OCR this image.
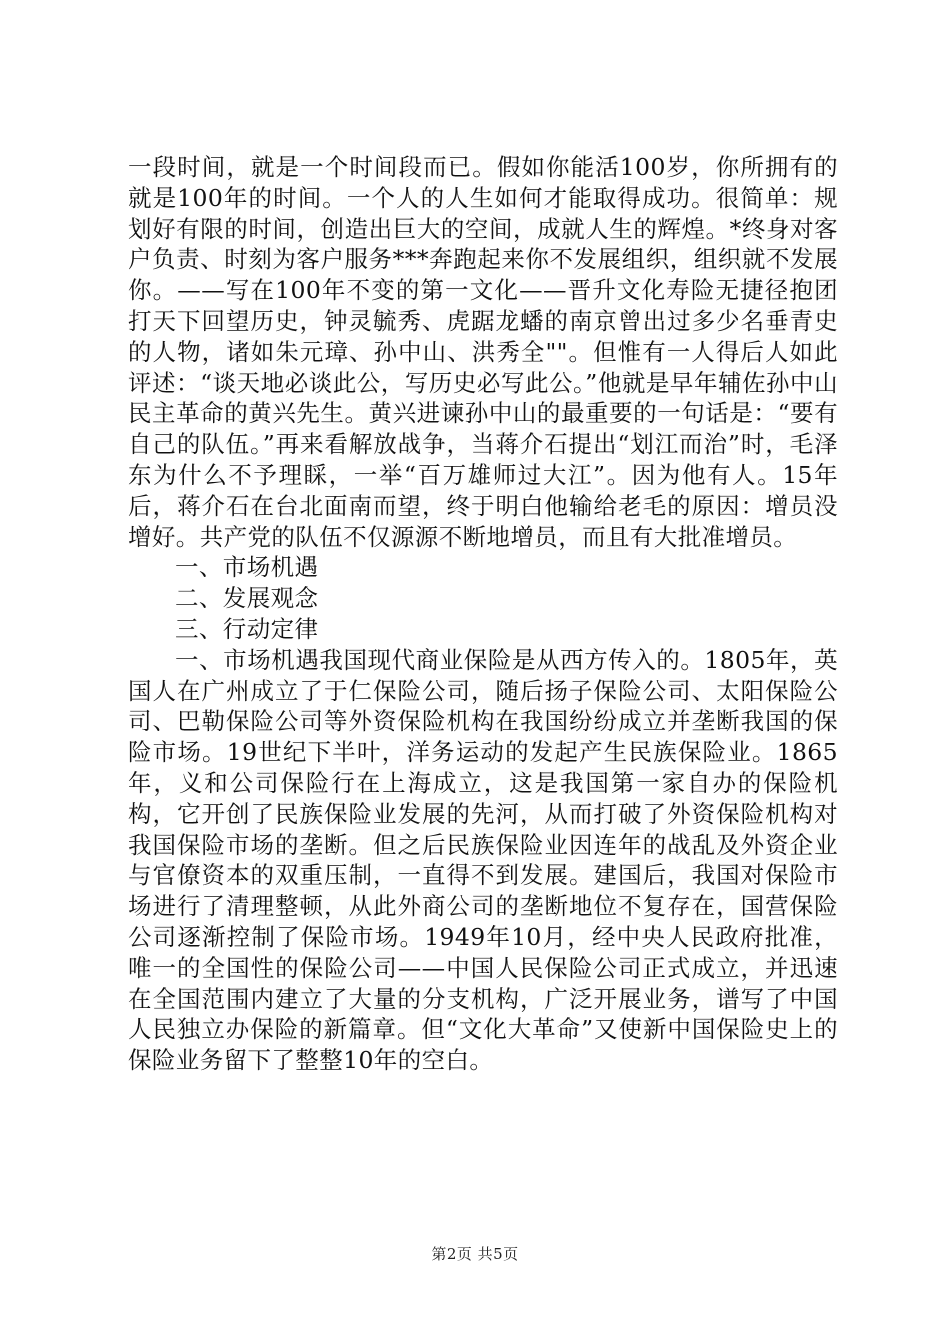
一段时间，就是一个时间段而已。假如你能活100岁，你所拥有的就是100年的时间。一个人的人生如何才能取得成功。很简单：规划好有限的时间，创造出巨大的空间，成就人生的辉煌。*终身对客户负责、时刻为客户服务***奔跑起来你不发展组织，组织就不发展你。——写在100年不变的第一文化——晋升文化寿险无捷径抱团打天下回望历史，钟灵毓秀、虎踞龙蟠的南京曾出过多少名垂青史的人物，诸如朱元璋、孙中山、洪秀全""。但惟有一人得后人如此评述：“谈天地必谈此公，写历史必写此公。”他就是早年辅佐孙中山民主革命的黄兴先生。黄兴进谏孙中山的最重要的一句话是：“要有自己的队伍。”再来看解放战争，当蒋介石提出“划江而治”时，毛泽东为什么不予理睬，一举“百万雄师过大江”。因为他有人。15年后，蒋介石在台北面南而望，终于明白他输给老毛的原因：增员没增好。共产党的队伍不仅源源不断地增员，而且有大批准增员。

一、市场机遇

二、发展观念

三、行动定律

一、市场机遇我国现代商业保险是从西方传入的。1805年，英国人在广州成立了于仁保险公司，随后扬子保险公司、太阳保险公司、巴勒保险公司等外资保险机构在我国纷纷成立并垄断我国的保险市场。19世纪下半叶，洋务运动的发起产生民族保险业。1865年，义和公司保险行在上海成立，这是我国第一家自办的保险机构，它开创了民族保险业发展的先河，从而打破了外资保险机构对我国保险市场的垄断。但之后民族保险业因连年的战乱及外资企业与官僚资本的双重压制，一直得不到发展。建国后，我国对保险市场进行了清理整顿，从此外商公司的垄断地位不复存在，国营保险公司逐渐控制了保险市场。1949年10月，经中央人民政府批准，唯一的全国性的保险公司——中国人民保险公司正式成立，并迅速在全国范围内建立了大量的分支机构，广泛开展业务，谱写了中国人民独立办保险的新篇章。但“文化大革命”又使新中国保险史上的保险业务留下了整整10年的空白。

第2页 共5页
